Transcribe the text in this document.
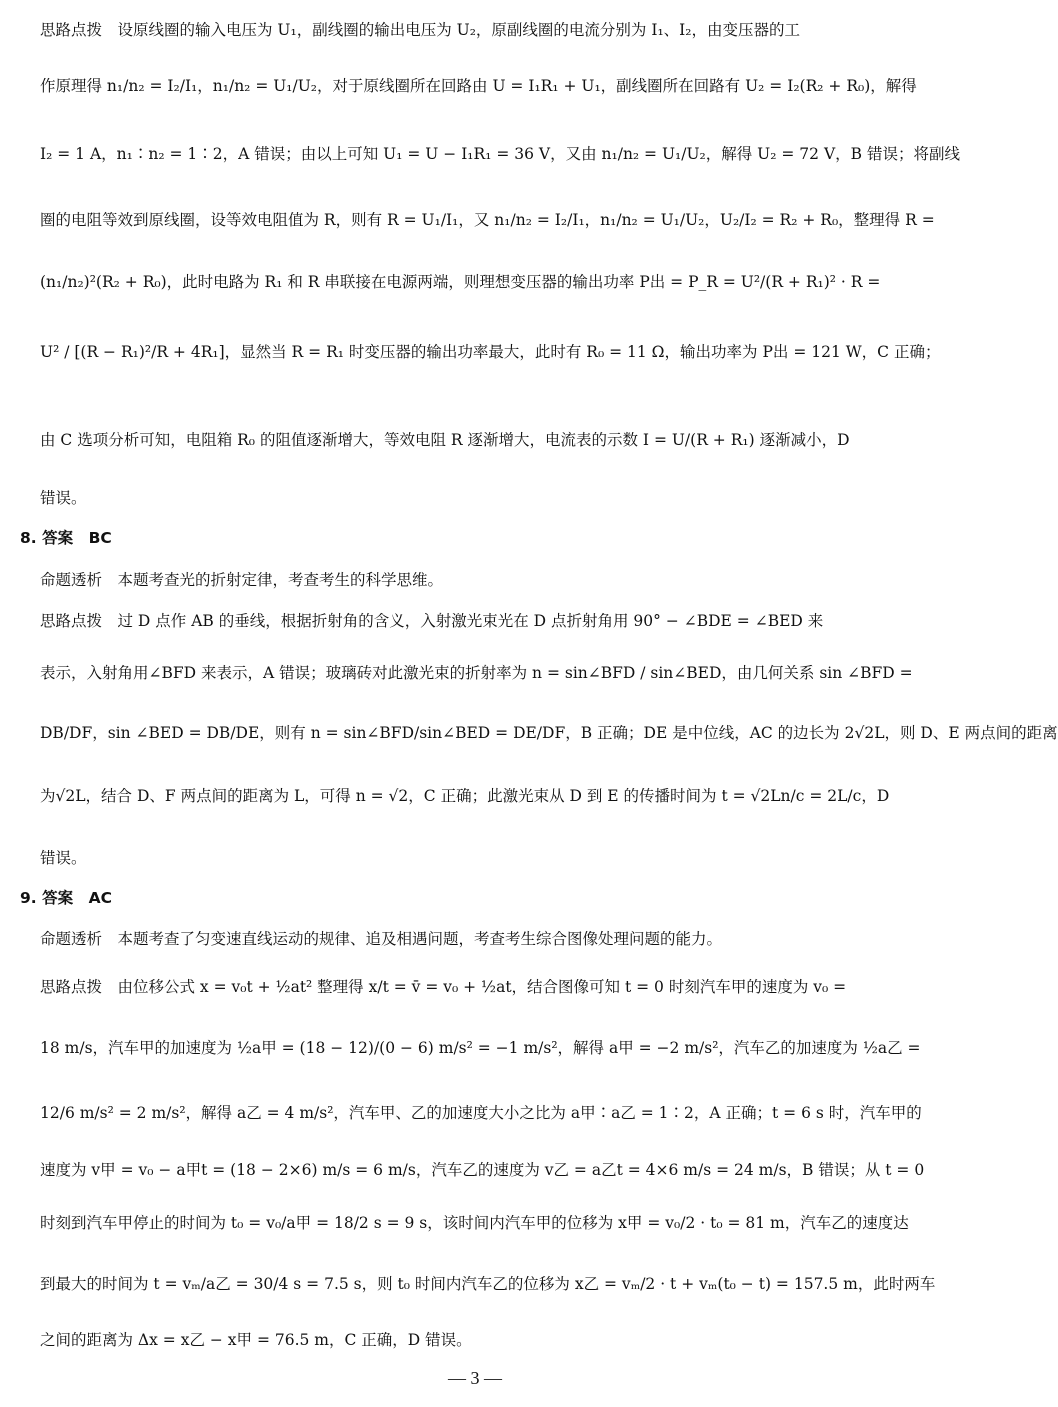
思路点拨　设原线圈的输入电压为 U₁，副线圈的输出电压为 U₂，原副线圈的电流分别为 I₁、I₂，由变压器的工
作原理得 n₁/n₂ = I₂/I₁，n₁/n₂ = U₁/U₂，对于原线圈所在回路由 U = I₁R₁ + U₁，副线圈所在回路有 U₂ = I₂(R₂ + R₀)，解得
I₂ = 1 A，n₁∶n₂ = 1∶2，A 错误；由以上可知 U₁ = U − I₁R₁ = 36 V，又由 n₁/n₂ = U₁/U₂，解得 U₂ = 72 V，B 错误；将副线
圈的电阻等效到原线圈，设等效电阻值为 R，则有 R = U₁/I₁，又 n₁/n₂ = I₂/I₁，n₁/n₂ = U₁/U₂，U₂/I₂ = R₂ + R₀，整理得 R =
(n₁/n₂)²(R₂ + R₀)，此时电路为 R₁ 和 R 串联接在电源两端，则理想变压器的输出功率 P出 = P_R = U²/(R + R₁)² · R =
U² / [(R − R₁)²/R + 4R₁]，显然当 R = R₁ 时变压器的输出功率最大，此时有 R₀ = 11 Ω，输出功率为 P出 = 121 W，C 正确；
由 C 选项分析可知，电阻箱 R₀ 的阻值逐渐增大，等效电阻 R 逐渐增大，电流表的示数 I = U/(R + R₁) 逐渐减小，D
错误。
8. 答案　BC
命题透析　本题考查光的折射定律，考查考生的科学思维。
思路点拨　过 D 点作 AB 的垂线，根据折射角的含义，入射激光束光在 D 点折射角用 90° − ∠BDE = ∠BED 来
表示，入射角用∠BFD 来表示，A 错误；玻璃砖对此激光束的折射率为 n = sin∠BFD / sin∠BED，由几何关系 sin ∠BFD =
DB/DF，sin ∠BED = DB/DE，则有 n = sin∠BFD/sin∠BED = DE/DF，B 正确；DE 是中位线，AC 的边长为 2√2L，则 D、E 两点间的距离
为√2L，结合 D、F 两点间的距离为 L，可得 n = √2，C 正确；此激光束从 D 到 E 的传播时间为 t = √2Ln/c = 2L/c，D
错误。
9. 答案　AC
命题透析　本题考查了匀变速直线运动的规律、追及相遇问题，考查考生综合图像处理问题的能力。
思路点拨　由位移公式 x = v₀t + ½at² 整理得 x/t = v̄ = v₀ + ½at，结合图像可知 t = 0 时刻汽车甲的速度为 v₀ =
18 m/s，汽车甲的加速度为 ½a甲 = (18 − 12)/(0 − 6) m/s² = −1 m/s²，解得 a甲 = −2 m/s²，汽车乙的加速度为 ½a乙 =
12/6 m/s² = 2 m/s²，解得 a乙 = 4 m/s²，汽车甲、乙的加速度大小之比为 a甲∶a乙 = 1∶2，A 正确；t = 6 s 时，汽车甲的
速度为 v甲 = v₀ − a甲t = (18 − 2×6) m/s = 6 m/s，汽车乙的速度为 v乙 = a乙t = 4×6 m/s = 24 m/s，B 错误；从 t = 0
时刻到汽车甲停止的时间为 t₀ = v₀/a甲 = 18/2 s = 9 s，该时间内汽车甲的位移为 x甲 = v₀/2 · t₀ = 81 m，汽车乙的速度达
到最大的时间为 t = vₘ/a乙 = 30/4 s = 7.5 s，则 t₀ 时间内汽车乙的位移为 x乙 = vₘ/2 · t + vₘ(t₀ − t) = 157.5 m，此时两车
之间的距离为 Δx = x乙 − x甲 = 76.5 m，C 正确，D 错误。
— 3 —
